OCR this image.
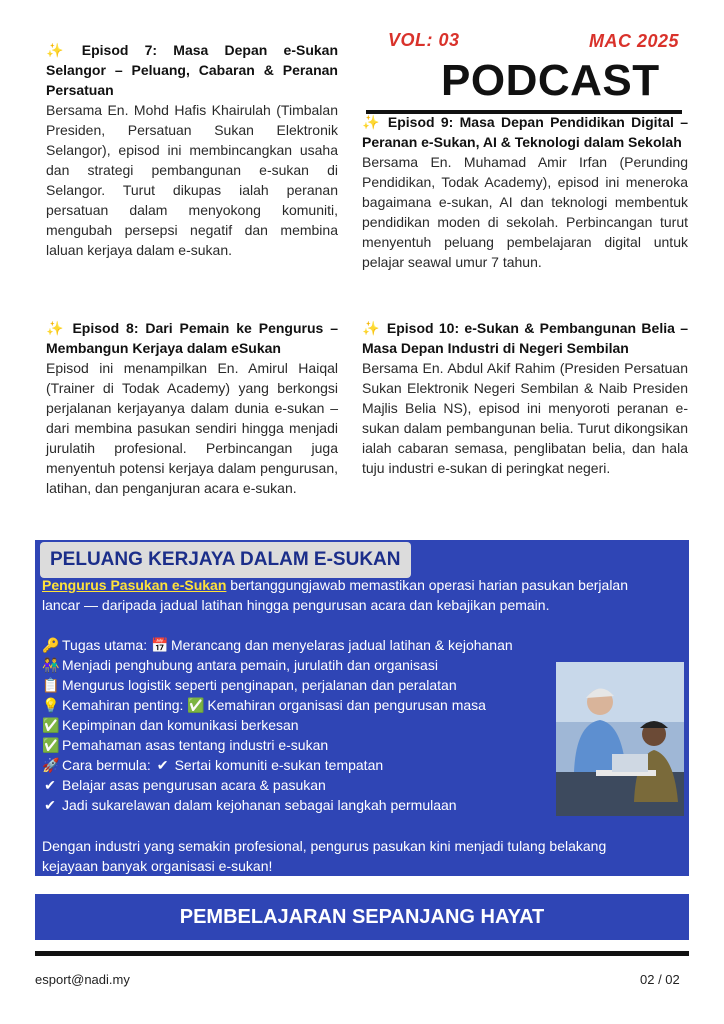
VOL: 03	MAC 2025
PODCAST
✨ Episod 7: Masa Depan e-Sukan Selangor – Peluang, Cabaran & Peranan Persatuan
Bersama En. Mohd Hafis Khairulah (Timbalan Presiden, Persatuan Sukan Elektronik Selangor), episod ini membincangkan usaha dan strategi pembangunan e-sukan di Selangor. Turut dikupas ialah peranan persatuan dalam menyokong komuniti, mengubah persepsi negatif dan membina laluan kerjaya dalam e-sukan.
✨ Episod 8: Dari Pemain ke Pengurus – Membangun Kerjaya dalam eSukan
Episod ini menampilkan En. Amirul Haiqal (Trainer di Todak Academy) yang berkongsi perjalanan kerjayanya dalam dunia e-sukan – dari membina pasukan sendiri hingga menjadi jurulatih profesional. Perbincangan juga menyentuh potensi kerjaya dalam pengurusan, latihan, dan penganjuran acara e-sukan.
✨ Episod 9: Masa Depan Pendidikan Digital – Peranan e-Sukan, AI & Teknologi dalam Sekolah
Bersama En. Muhamad Amir Irfan (Perunding Pendidikan, Todak Academy), episod ini meneroka bagaimana e-sukan, AI dan teknologi membentuk pendidikan moden di sekolah. Perbincangan turut menyentuh peluang pembelajaran digital untuk pelajar seawal umur 7 tahun.
✨ Episod 10: e-Sukan & Pembangunan Belia – Masa Depan Industri di Negeri Sembilan
Bersama En. Abdul Akif Rahim (Presiden Persatuan Sukan Elektronik Negeri Sembilan & Naib Presiden Majlis Belia NS), episod ini menyoroti peranan e-sukan dalam pembangunan belia. Turut dikongsikan ialah cabaran semasa, penglibatan belia, dan hala tuju industri e-sukan di peringkat negeri.
PELUANG KERJAYA DALAM E-SUKAN
Pengurus Pasukan e-Sukan bertanggungjawab memastikan operasi harian pasukan berjalan lancar — daripada jadual latihan hingga pengurusan acara dan kebajikan pemain.
🔑 Tugas utama: 📅 Merancang dan menyelaras jadual latihan & kejohanan
👫 Menjadi penghubung antara pemain, jurulatih dan organisasi
📋 Mengurus logistik seperti penginapan, perjalanan dan peralatan
💡 Kemahiran penting: ✅ Kemahiran organisasi dan pengurusan masa
✅ Kepimpinan dan komunikasi berkesan
✅ Pemahaman asas tentang industri e-sukan
🚀 Cara bermula: ✔ Sertai komuniti e-sukan tempatan
✔ Belajar asas pengurusan acara & pasukan
✔ Jadi sukarelawan dalam kejohanan sebagai langkah permulaan
Dengan industri yang semakin profesional, pengurus pasukan kini menjadi tulang belakang kejayaan banyak organisasi e-sukan!
PEMBELAJARAN SEPANJANG HAYAT
esport@nadi.my	02 / 02
